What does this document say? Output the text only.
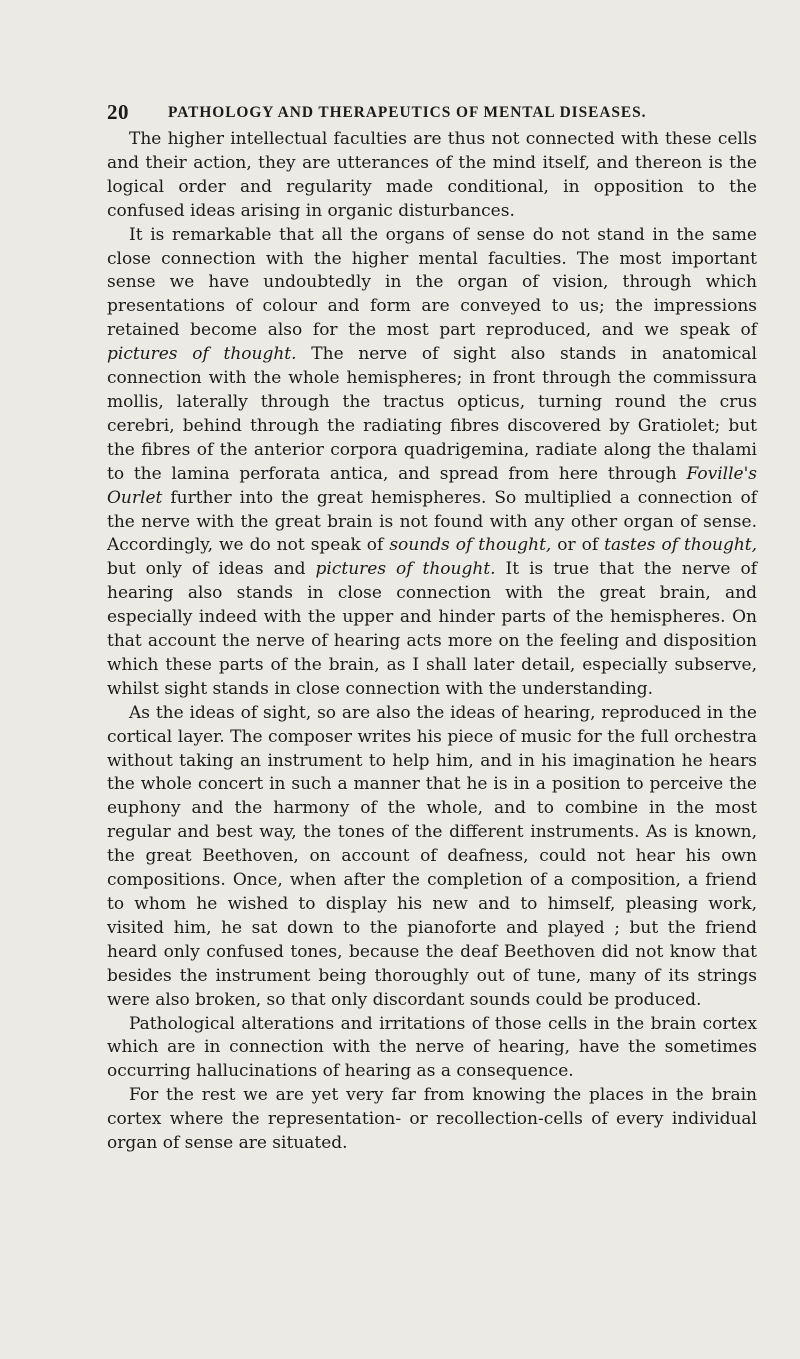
20	PATHOLOGY AND THERAPEUTICS OF MENTAL DISEASES.

The higher intellectual faculties are thus not connected with these cells and their action, they are utterances of the mind itself, and thereon is the logical order and regularity made conditional, in opposition to the confused ideas arising in organic disturbances.

It is remarkable that all the organs of sense do not stand in the same close connection with the higher mental faculties. The most important sense we have undoubtedly in the organ of vision, through which presentations of colour and form are conveyed to us; the impressions retained become also for the most part reproduced, and we speak of pictures of thought. The nerve of sight also stands in anatomical connection with the whole hemispheres; in front through the commissura mollis, laterally through the tractus opticus, turning round the crus cerebri, behind through the radiating fibres discovered by Gratiolet; but the fibres of the anterior corpora quadrigemina, radiate along the thalami to the lamina perforata antica, and spread from here through Foville's Ourlet further into the great hemispheres. So multiplied a connection of the nerve with the great brain is not found with any other organ of sense. Accordingly, we do not speak of sounds of thought, or of tastes of thought, but only of ideas and pictures of thought. It is true that the nerve of hearing also stands in close connection with the great brain, and especially indeed with the upper and hinder parts of the hemispheres. On that account the nerve of hearing acts more on the feeling and disposition which these parts of the brain, as I shall later detail, especially subserve, whilst sight stands in close connection with the understanding.

As the ideas of sight, so are also the ideas of hearing, reproduced in the cortical layer. The composer writes his piece of music for the full orchestra without taking an instrument to help him, and in his imagination he hears the whole concert in such a manner that he is in a position to perceive the euphony and the harmony of the whole, and to combine in the most regular and best way, the tones of the different instruments. As is known, the great Beethoven, on account of deafness, could not hear his own compositions. Once, when after the completion of a composition, a friend to whom he wished to display his new and to himself, pleasing work, visited him, he sat down to the pianoforte and played ; but the friend heard only confused tones, because the deaf Beethoven did not know that besides the instrument being thoroughly out of tune, many of its strings were also broken, so that only discordant sounds could be produced.

Pathological alterations and irritations of those cells in the brain cortex which are in connection with the nerve of hearing, have the sometimes occurring hallucinations of hearing as a consequence.

For the rest we are yet very far from knowing the places in the brain cortex where the representation- or recollection-cells of every individual organ of sense are situated.
